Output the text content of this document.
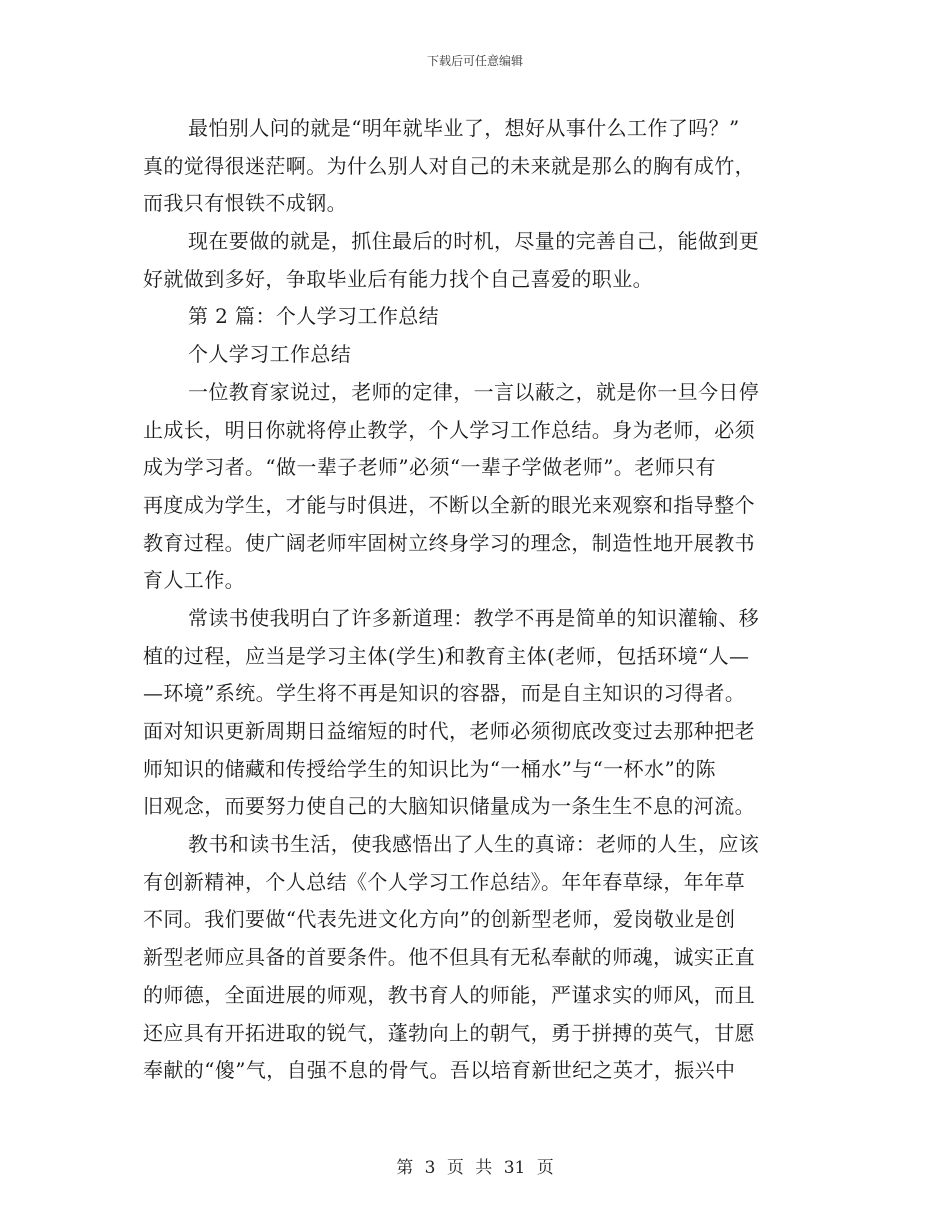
下载后可任意编辑
最怕别人问的就是“明年就毕业了，想好从事什么工作了吗？”
真的觉得很迷茫啊。为什么别人对自己的未来就是那么的胸有成竹，
而我只有恨铁不成钢。
现在要做的就是，抓住最后的时机，尽量的完善自己，能做到更
好就做到多好，争取毕业后有能力找个自己喜爱的职业。
第 2 篇：个人学习工作总结
个人学习工作总结
一位教育家说过，老师的定律，一言以蔽之，就是你一旦今日停
止成长，明日你就将停止教学，个人学习工作总结。身为老师，必须
成为学习者。“做一辈子老师”必须“一辈子学做老师”。老师只有
再度成为学生，才能与时俱进，不断以全新的眼光来观察和指导整个
教育过程。使广阔老师牢固树立终身学习的理念，制造性地开展教书
育人工作。
常读书使我明白了许多新道理：教学不再是简单的知识灌输、移
植的过程，应当是学习主体(学生)和教育主体(老师，包括环境“人—
—环境”系统。学生将不再是知识的容器，而是自主知识的习得者。
面对知识更新周期日益缩短的时代，老师必须彻底改变过去那种把老
师知识的储藏和传授给学生的知识比为“一桶水”与“一杯水”的陈
旧观念，而要努力使自己的大脑知识储量成为一条生生不息的河流。
教书和读书生活，使我感悟出了人生的真谛：老师的人生，应该
有创新精神，个人总结《个人学习工作总结》。年年春草绿，年年草
不同。我们要做“代表先进文化方向”的创新型老师，爱岗敬业是创
新型老师应具备的首要条件。他不但具有无私奉献的师魂，诚实正直
的师德，全面进展的师观，教书育人的师能，严谨求实的师风，而且
还应具有开拓进取的锐气，蓬勃向上的朝气，勇于拼搏的英气，甘愿
奉献的“傻”气，自强不息的骨气。吾以培育新世纪之英才，振兴中
第 3 页 共 31 页
